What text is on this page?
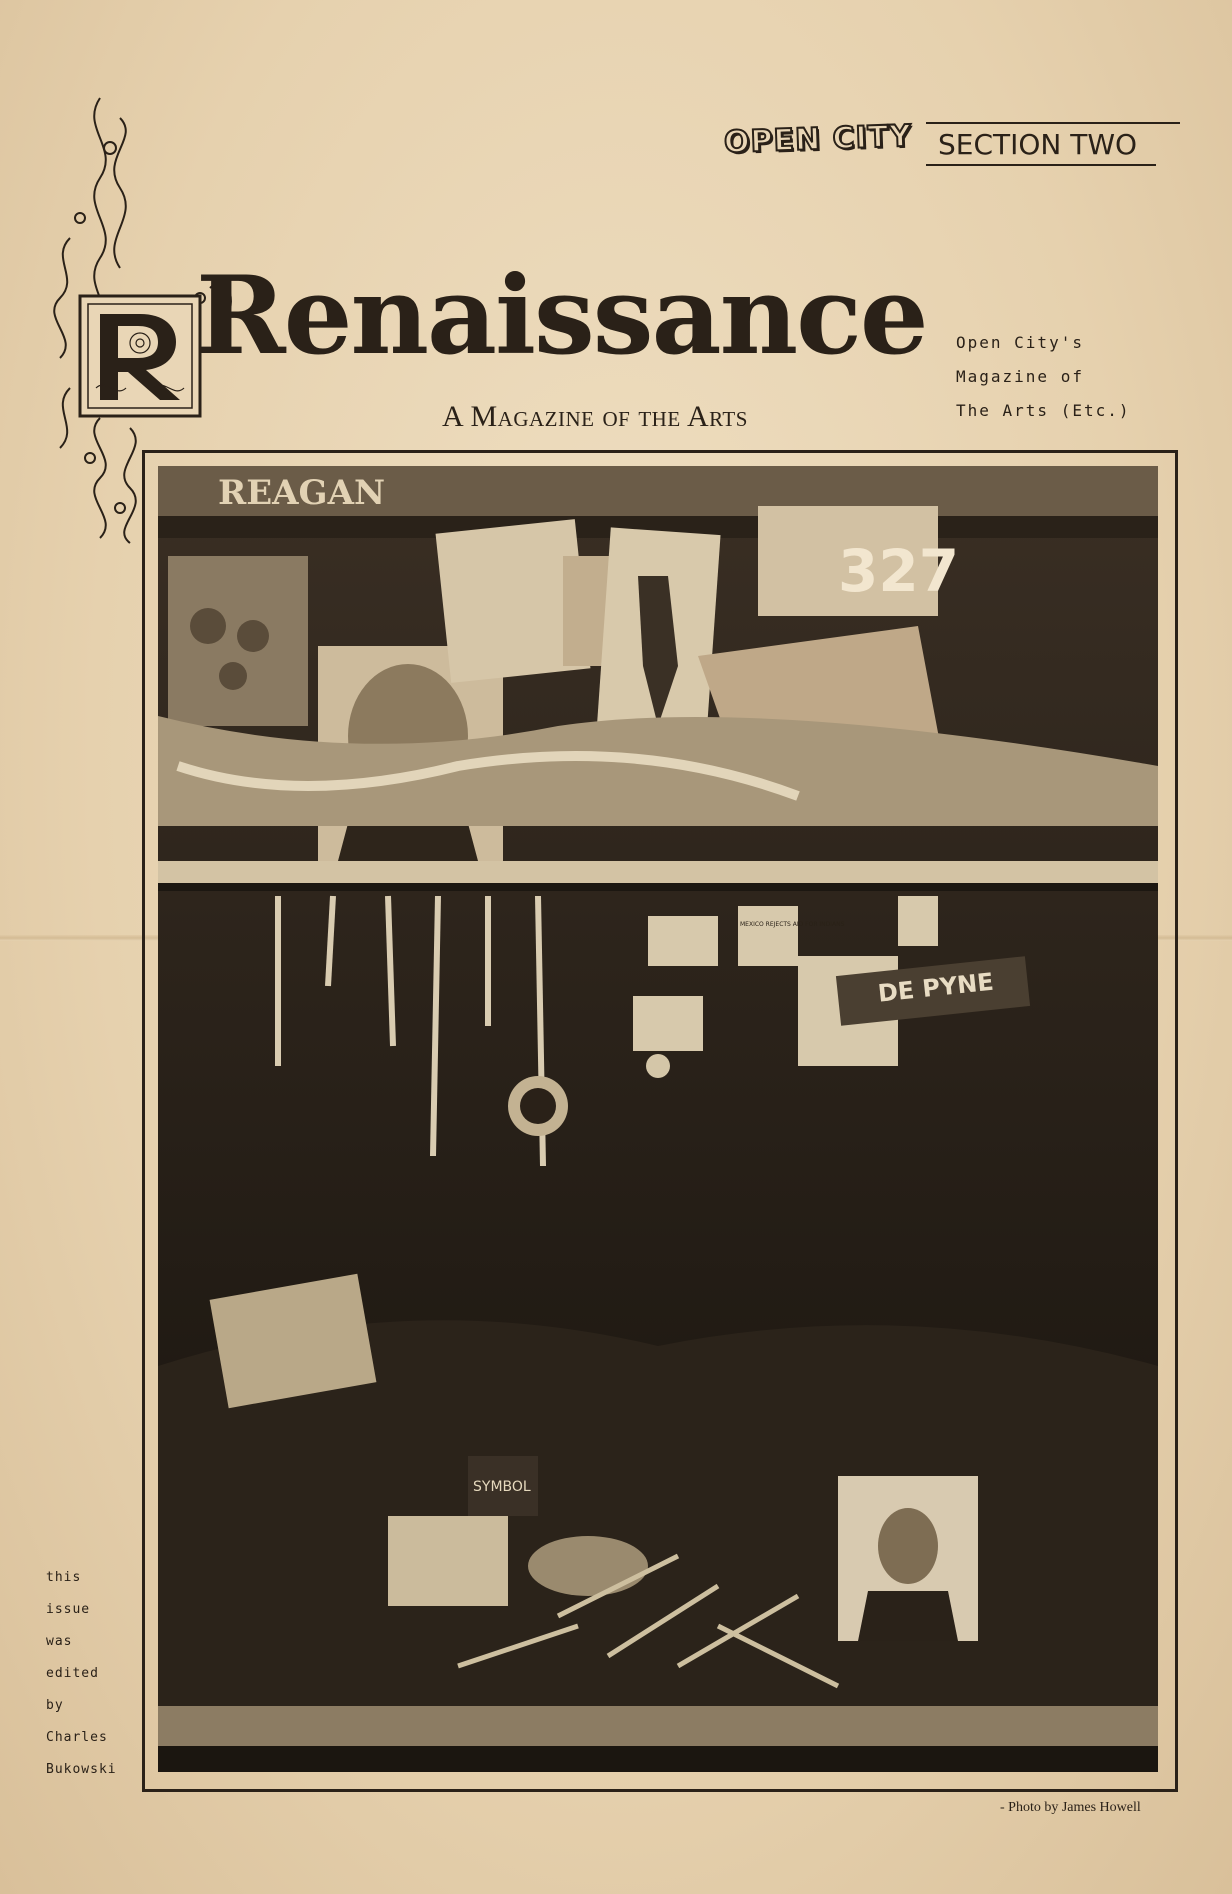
OPEN CITY SECTION TWO
Renaissance
A Magazine of the Arts
Open City's
Magazine of
The Arts (Etc.)
REAGAN
327
MEXICO REJECTS AID FOR INDIANS
DE PYNE
SYMBOL
- Photo by James Howell
this
issue
was
edited
by
Charles
Bukowski
